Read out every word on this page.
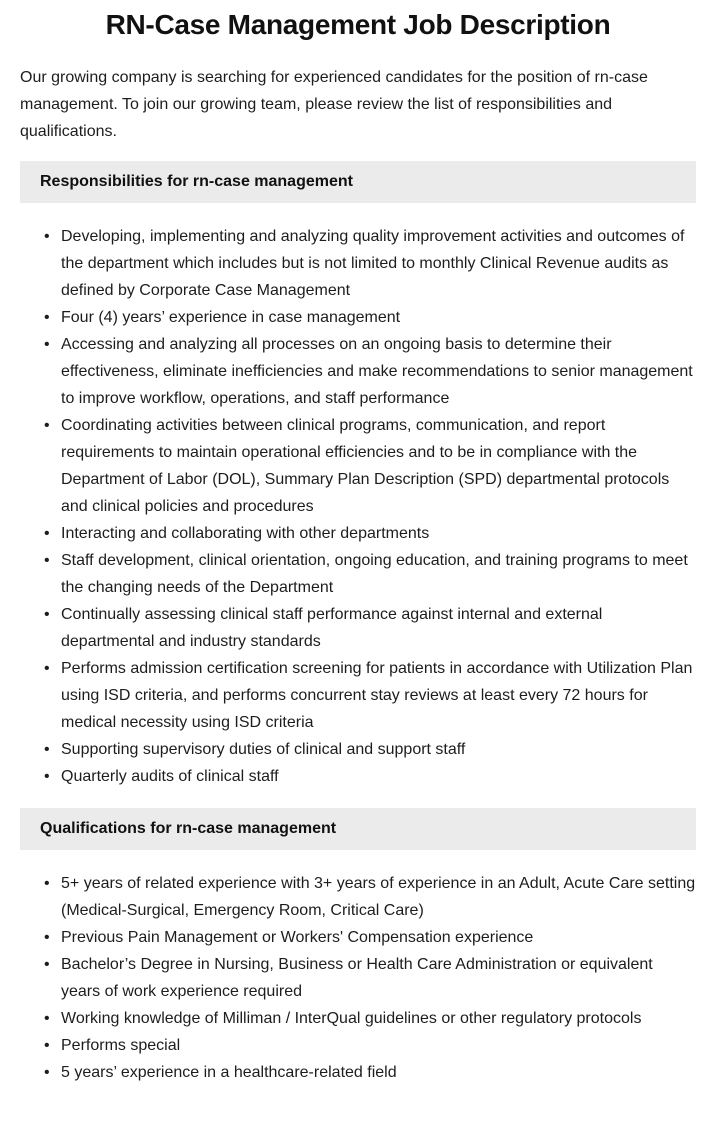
RN-Case Management Job Description

Our growing company is searching for experienced candidates for the position of rn-case management. To join our growing team, please review the list of responsibilities and qualifications.

Responsibilities for rn-case management
• Developing, implementing and analyzing quality improvement activities and outcomes of the department which includes but is not limited to monthly Clinical Revenue audits as defined by Corporate Case Management
• Four (4) years’ experience in case management
• Accessing and analyzing all processes on an ongoing basis to determine their effectiveness, eliminate inefficiencies and make recommendations to senior management to improve workflow, operations, and staff performance
• Coordinating activities between clinical programs, communication, and report requirements to maintain operational efficiencies and to be in compliance with the Department of Labor (DOL), Summary Plan Description (SPD) departmental protocols and clinical policies and procedures
• Interacting and collaborating with other departments
• Staff development, clinical orientation, ongoing education, and training programs to meet the changing needs of the Department
• Continually assessing clinical staff performance against internal and external departmental and industry standards
• Performs admission certification screening for patients in accordance with Utilization Plan using ISD criteria, and performs concurrent stay reviews at least every 72 hours for medical necessity using ISD criteria
• Supporting supervisory duties of clinical and support staff
• Quarterly audits of clinical staff
Qualifications for rn-case management
• 5+ years of related experience with 3+ years of experience in an Adult, Acute Care setting (Medical-Surgical, Emergency Room, Critical Care)
• Previous Pain Management or Workers' Compensation experience
• Bachelor’s Degree in Nursing, Business or Health Care Administration or equivalent years of work experience required
• Working knowledge of Milliman / InterQual guidelines or other regulatory protocols
• Performs special
• 5 years’ experience in a healthcare-related field
